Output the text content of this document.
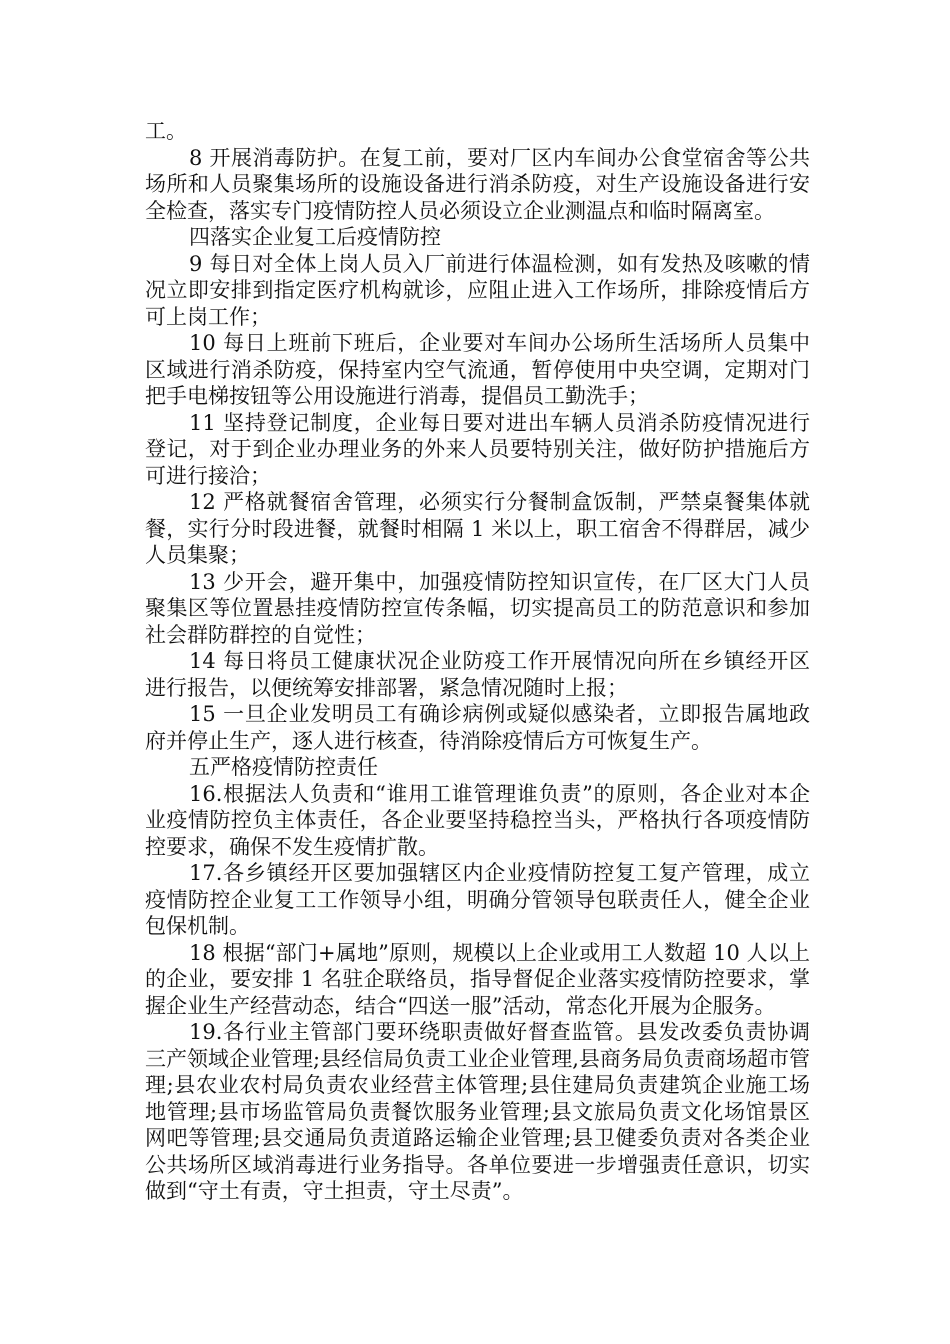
工。

8 开展消毒防护。在复工前，要对厂区内车间办公食堂宿舍等公共场所和人员聚集场所的设施设备进行消杀防疫，对生产设施设备进行安全检查，落实专门疫情防控人员必须设立企业测温点和临时隔离室。

四落实企业复工后疫情防控

9 每日对全体上岗人员入厂前进行体温检测，如有发热及咳嗽的情况立即安排到指定医疗机构就诊，应阻止进入工作场所，排除疫情后方可上岗工作；

10 每日上班前下班后，企业要对车间办公场所生活场所人员集中区域进行消杀防疫，保持室内空气流通，暂停使用中央空调，定期对门把手电梯按钮等公用设施进行消毒，提倡员工勤洗手；

11 坚持登记制度，企业每日要对进出车辆人员消杀防疫情况进行登记，对于到企业办理业务的外来人员要特别关注，做好防护措施后方可进行接洽；

12 严格就餐宿舍管理，必须实行分餐制盒饭制，严禁桌餐集体就餐，实行分时段进餐，就餐时相隔 1 米以上，职工宿舍不得群居，减少人员集聚；

13 少开会，避开集中，加强疫情防控知识宣传，在厂区大门人员聚集区等位置悬挂疫情防控宣传条幅，切实提高员工的防范意识和参加社会群防群控的自觉性；

14 每日将员工健康状况企业防疫工作开展情况向所在乡镇经开区进行报告，以便统筹安排部署，紧急情况随时上报；

15 一旦企业发明员工有确诊病例或疑似感染者，立即报告属地政府并停止生产，逐人进行核查，待消除疫情后方可恢复生产。

五严格疫情防控责任

16.根据法人负责和“谁用工谁管理谁负责”的原则，各企业对本企业疫情防控负主体责任，各企业要坚持稳控当头，严格执行各项疫情防控要求，确保不发生疫情扩散。

17.各乡镇经开区要加强辖区内企业疫情防控复工复产管理，成立疫情防控企业复工工作领导小组，明确分管领导包联责任人，健全企业包保机制。

18 根据“部门+属地”原则，规模以上企业或用工人数超 10 人以上的企业，要安排 1 名驻企联络员，指导督促企业落实疫情防控要求，掌握企业生产经营动态，结合“四送一服”活动，常态化开展为企服务。

19.各行业主管部门要环绕职责做好督查监管。县发改委负责协调三产领域企业管理;县经信局负责工业企业管理,县商务局负责商场超市管理;县农业农村局负责农业经营主体管理;县住建局负责建筑企业施工场地管理;县市场监管局负责餐饮服务业管理;县文旅局负责文化场馆景区网吧等管理;县交通局负责道路运输企业管理;县卫健委负责对各类企业公共场所区域消毒进行业务指导。各单位要进一步增强责任意识，切实做到“守土有责，守土担责，守土尽责”。
